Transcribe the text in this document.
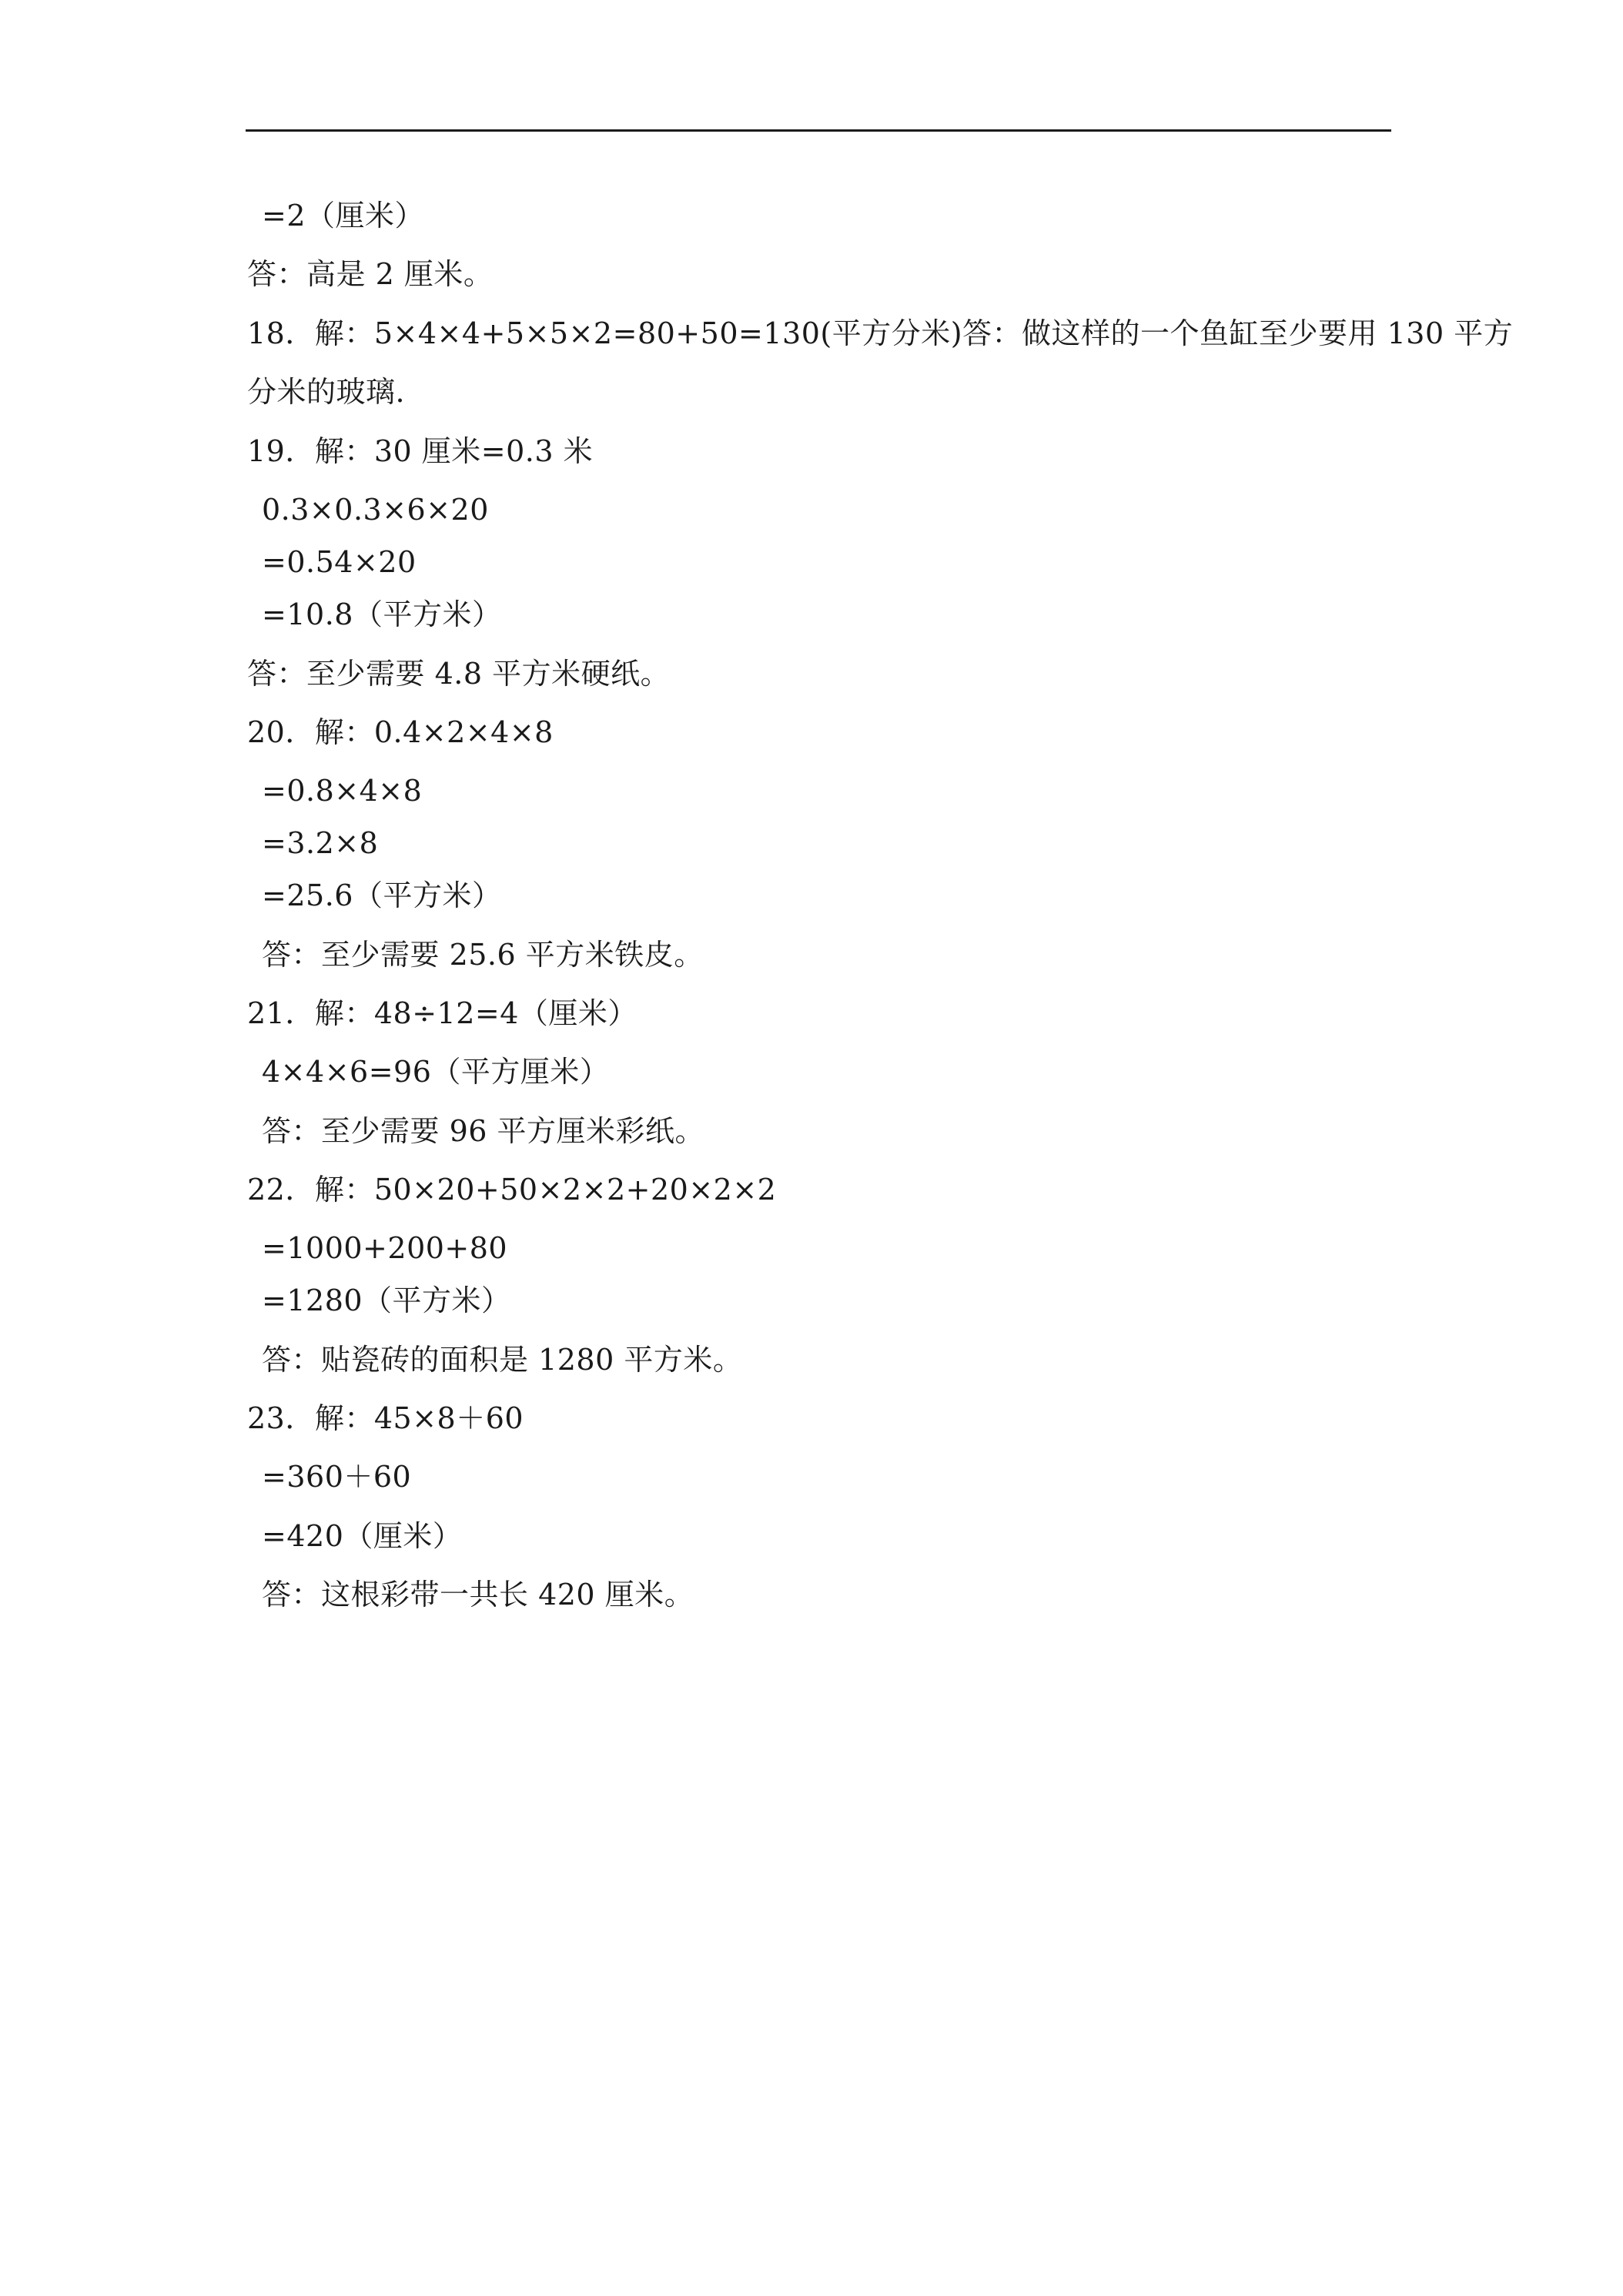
=2（厘米）
答：高是 2 厘米。
18．解：5×4×4+5×5×2=80+50=130(平方分米)答：做这样的一个鱼缸至少要用 130 平方
分米的玻璃.
19．解：30 厘米=0.3 米
0.3×0.3×6×20
=0.54×20
=10.8（平方米）
答：至少需要 4.8 平方米硬纸。
20．解：0.4×2×4×8
=0.8×4×8
=3.2×8
=25.6（平方米）
答：至少需要 25.6 平方米铁皮。
21．解：48÷12=4（厘米）
4×4×6=96（平方厘米）
答：至少需要 96 平方厘米彩纸。
22．解：50×20+50×2×2+20×2×2
=1000+200+80
=1280（平方米）
答：贴瓷砖的面积是 1280 平方米。
23．解：45×8＋60
=360＋60
=420（厘米）
答：这根彩带一共长 420 厘米。
